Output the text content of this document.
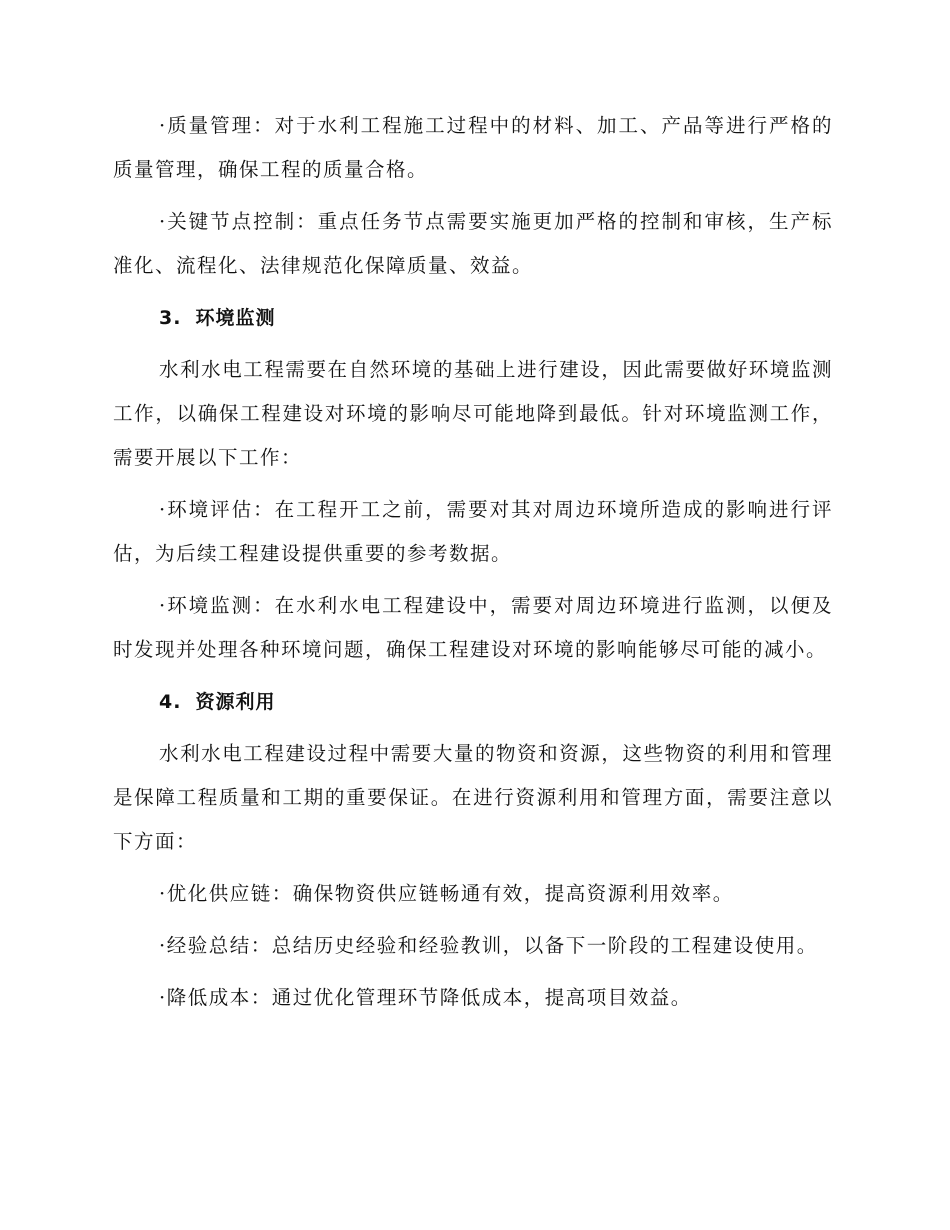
·质量管理：对于水利工程施工过程中的材料、加工、产品等进行严格的质量管理，确保工程的质量合格。

·关键节点控制：重点任务节点需要实施更加严格的控制和审核，生产标准化、流程化、法律规范化保障质量、效益。

3. 环境监测

水利水电工程需要在自然环境的基础上进行建设，因此需要做好环境监测工作，以确保工程建设对环境的影响尽可能地降到最低。针对环境监测工作，需要开展以下工作：

·环境评估：在工程开工之前，需要对其对周边环境所造成的影响进行评估，为后续工程建设提供重要的参考数据。

·环境监测：在水利水电工程建设中，需要对周边环境进行监测，以便及时发现并处理各种环境问题，确保工程建设对环境的影响能够尽可能的减小。

4. 资源利用

水利水电工程建设过程中需要大量的物资和资源，这些物资的利用和管理是保障工程质量和工期的重要保证。在进行资源利用和管理方面，需要注意以下方面：

·优化供应链：确保物资供应链畅通有效，提高资源利用效率。

·经验总结：总结历史经验和经验教训，以备下一阶段的工程建设使用。

·降低成本：通过优化管理环节降低成本，提高项目效益。
